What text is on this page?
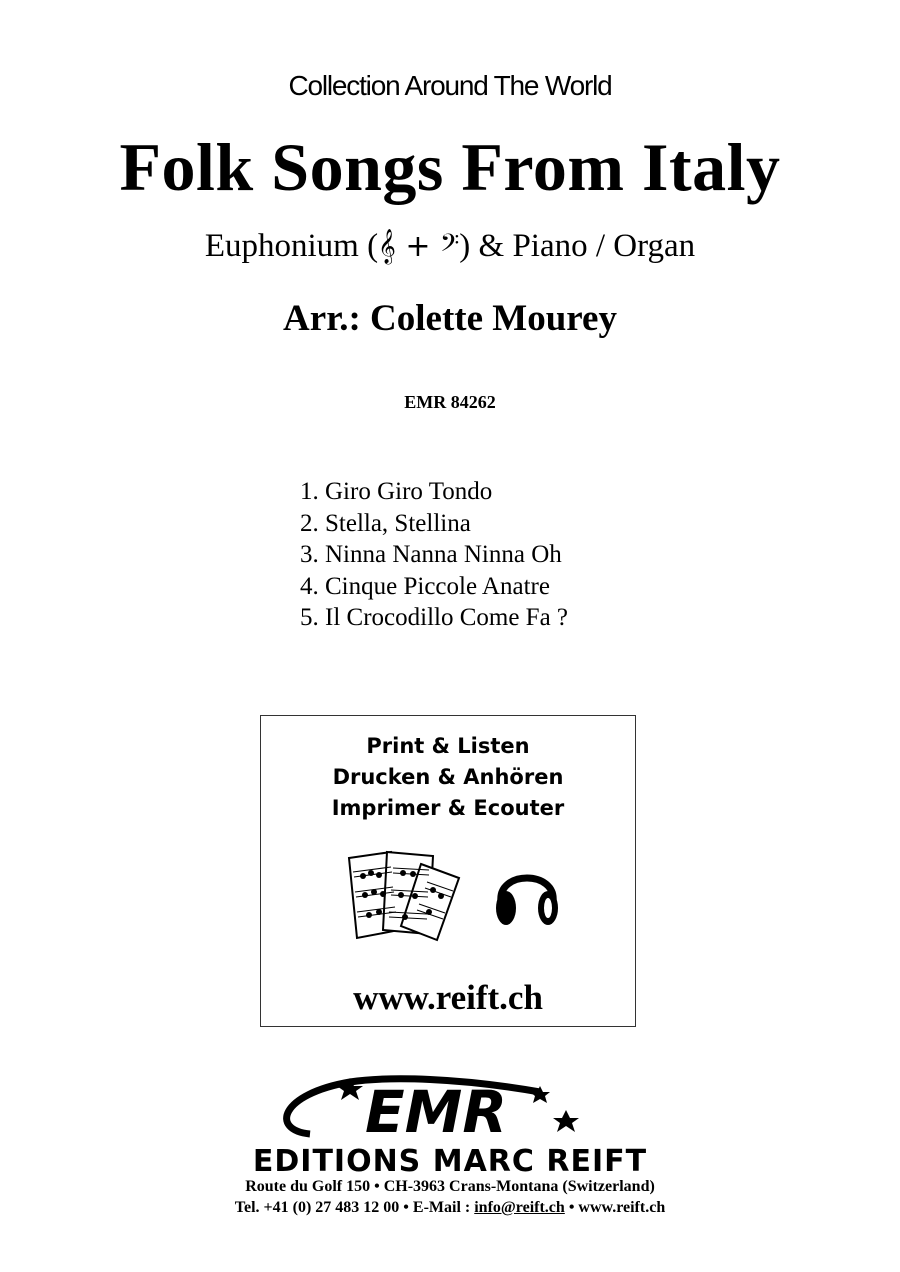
Collection Around The World
Folk Songs From Italy
Euphonium (𝄞 + 𝄢) & Piano / Organ
Arr.: Colette Mourey
EMR 84262
1. Giro Giro Tondo
2. Stella, Stellina
3. Ninna Nanna Ninna Oh
4. Cinque Piccole Anatre
5. Il Crocodillo Come Fa ?
Print & Listen
Drucken & Anhören
Imprimer & Ecouter
www.reift.ch
EMR
EDITIONS MARC REIFT
Route du Golf 150 • CH-3963 Crans-Montana (Switzerland)
Tel. +41 (0) 27 483 12 00 • E-Mail : info@reift.ch • www.reift.ch
